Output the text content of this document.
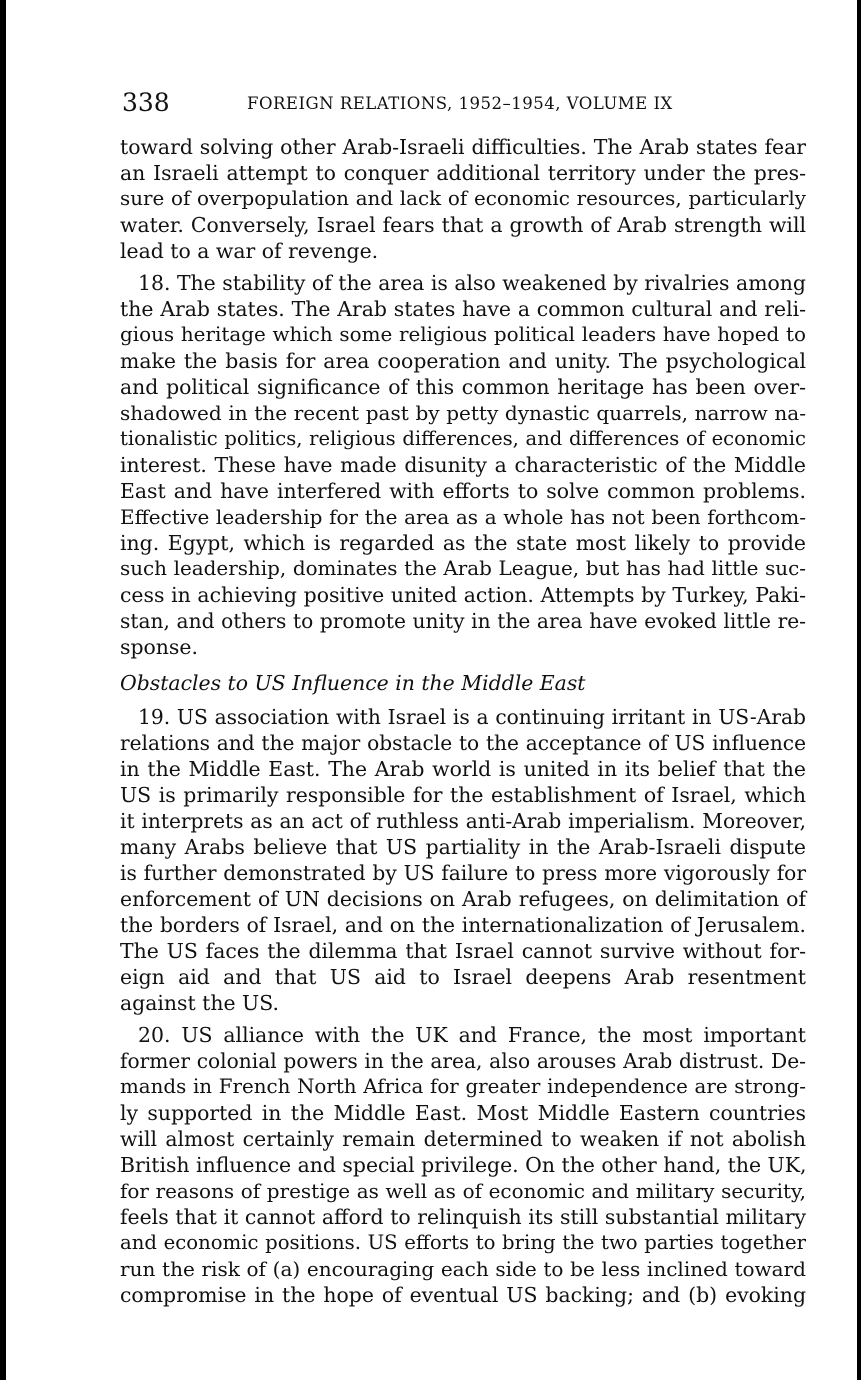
338	FOREIGN RELATIONS, 1952–1954, VOLUME IX
toward solving other Arab-Israeli difficulties. The Arab states fear
an Israeli attempt to conquer additional territory under the pres-
sure of overpopulation and lack of economic resources, particularly
water. Conversely, Israel fears that a growth of Arab strength will
lead to a war of revenge.
18. The stability of the area is also weakened by rivalries among
the Arab states. The Arab states have a common cultural and reli-
gious heritage which some religious political leaders have hoped to
make the basis for area cooperation and unity. The psychological
and political significance of this common heritage has been over-
shadowed in the recent past by petty dynastic quarrels, narrow na-
tionalistic politics, religious differences, and differences of economic
interest. These have made disunity a characteristic of the Middle
East and have interfered with efforts to solve common problems.
Effective leadership for the area as a whole has not been forthcom-
ing. Egypt, which is regarded as the state most likely to provide
such leadership, dominates the Arab League, but has had little suc-
cess in achieving positive united action. Attempts by Turkey, Paki-
stan, and others to promote unity in the area have evoked little re-
sponse.
Obstacles to US Influence in the Middle East
19. US association with Israel is a continuing irritant in US-Arab
relations and the major obstacle to the acceptance of US influence
in the Middle East. The Arab world is united in its belief that the
US is primarily responsible for the establishment of Israel, which
it interprets as an act of ruthless anti-Arab imperialism. Moreover,
many Arabs believe that US partiality in the Arab-Israeli dispute
is further demonstrated by US failure to press more vigorously for
enforcement of UN decisions on Arab refugees, on delimitation of
the borders of Israel, and on the internationalization of Jerusalem.
The US faces the dilemma that Israel cannot survive without for-
eign aid and that US aid to Israel deepens Arab resentment
against the US.
20. US alliance with the UK and France, the most important
former colonial powers in the area, also arouses Arab distrust. De-
mands in French North Africa for greater independence are strong-
ly supported in the Middle East. Most Middle Eastern countries
will almost certainly remain determined to weaken if not abolish
British influence and special privilege. On the other hand, the UK,
for reasons of prestige as well as of economic and military security,
feels that it cannot afford to relinquish its still substantial military
and economic positions. US efforts to bring the two parties together
run the risk of (a) encouraging each side to be less inclined toward
compromise in the hope of eventual US backing; and (b) evoking
